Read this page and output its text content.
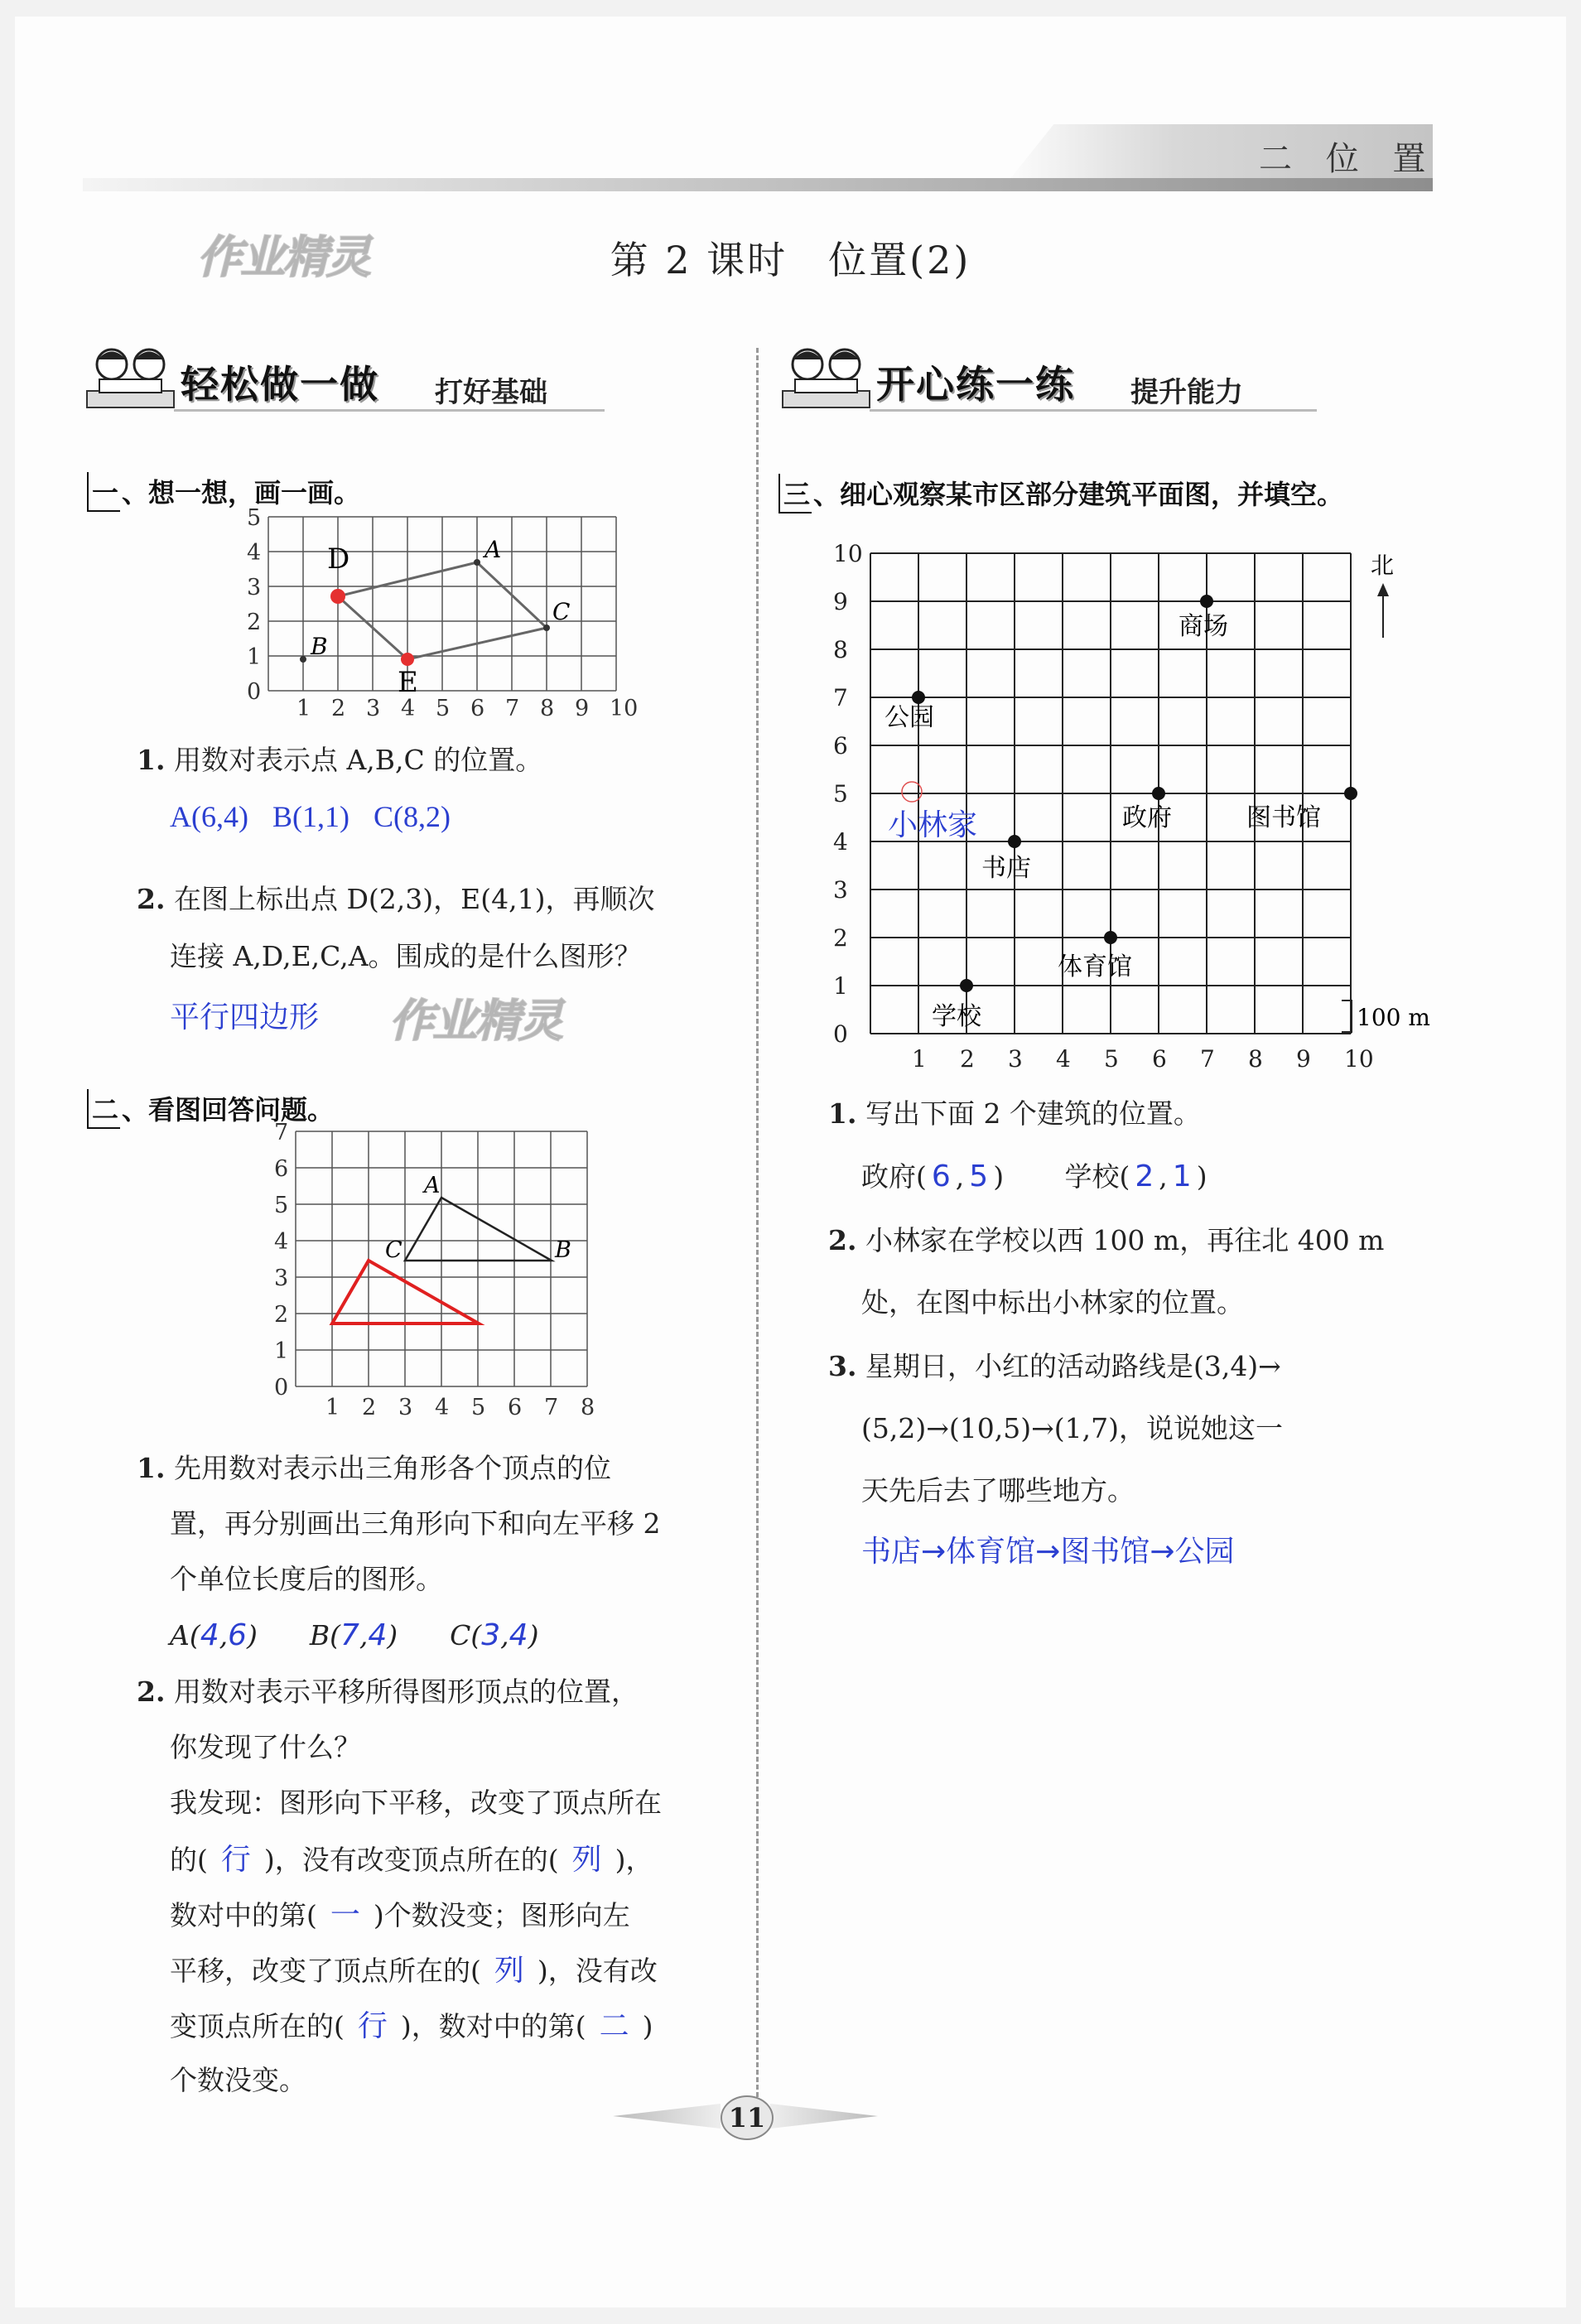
二 位 置
作业精灵	第 2 课时　位置(2)
轻松做一做 打好基础
一 、想一想，画一画。
A
B
C
D
E
1 2 3 4 5 6 7 8 9 10
0
1
2
3
4
5
1. 用数对表示点 A,B,C 的位置。
A(6,4) B(1,1) C(8,2)
2. 在图上标出点 D(2,3)，E(4,1)，再顺次
连接 A,D,E,C,A。围成的是什么图形？
平行四边形 作业精灵
二 、看图回答问题。
A
B
C
1 2 3 4 5 6 7 8
0
1
2
3
4
5
6
7
1. 先用数对表示出三角形各个顶点的位
置，再分别画出三角形向下和向左平移 2
个单位长度后的图形。
A(4,6) B(7,4) C(3,4)
2. 用数对表示平移所得图形顶点的位置，
你发现了什么？
我发现：图形向下平移，改变了顶点所在
的( 行 )，没有改变顶点所在的( 列 )，
数对中的第( 一 )个数没变；图形向左
平移，改变了顶点所在的( 列 )，没有改
变顶点所在的( 行 )，数对中的第( 二 )
个数没变。
开心练一练 提升能力
三 、细心观察某市区部分建筑平面图，并填空。
1 2 3 4 5 6 7 8 9 10
0
1
2
3
4
5
6
7
8
9
10
商场
公园
政府	图书馆
书店
体育馆
学校
小林家
北
100 m
1. 写出下面 2 个建筑的位置。
政府( 6 , 5 ) 学校( 2 , 1 )
2. 小林家在学校以西 100 m，再往北 400 m
处，在图中标出小林家的位置。
3. 星期日，小红的活动路线是(3,4)→
(5,2)→(10,5)→(1,7)，说说她这一
天先后去了哪些地方。
书店→体育馆→图书馆→公园
11
